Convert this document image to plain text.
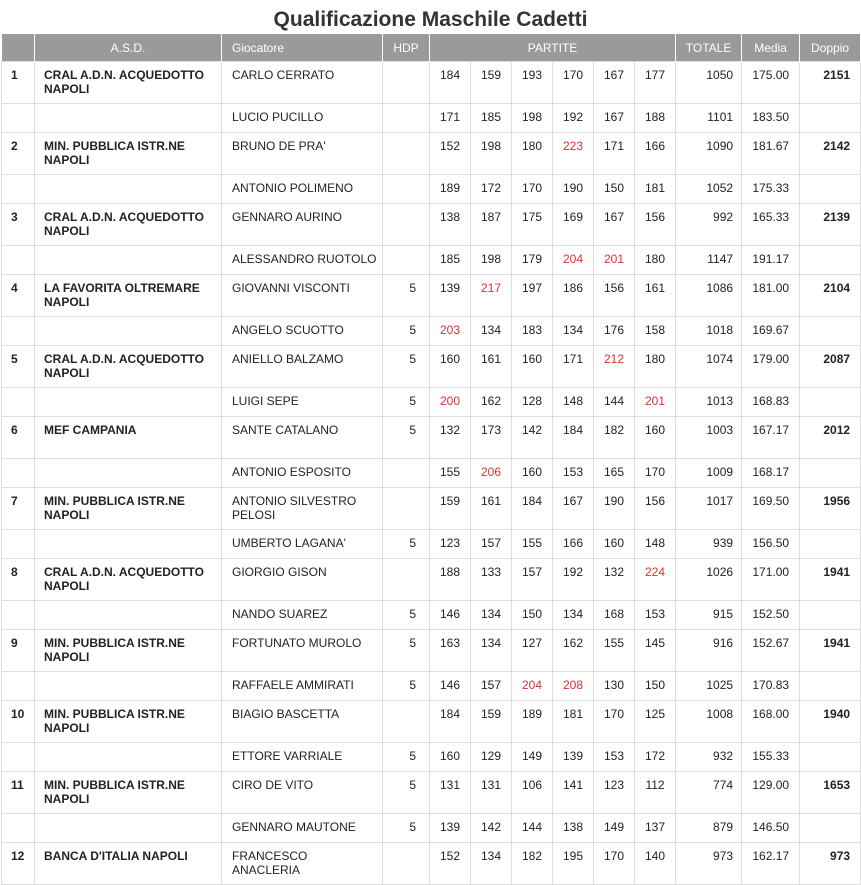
Qualificazione Maschile Cadetti
	A.S.D.	Giocatore	HDP	PARTITE						TOTALE	Media	Doppio
1	CRAL A.D.N. ACQUEDOTTO NAPOLI	CARLO CERRATO		184	159	193	170	167	177	1050	175.00	2151
		LUCIO PUCILLO		171	185	198	192	167	188	1101	183.50	
2	MIN. PUBBLICA ISTR.NE NAPOLI	BRUNO DE PRA'		152	198	180	223	171	166	1090	181.67	2142
		ANTONIO POLIMENO		189	172	170	190	150	181	1052	175.33	
3	CRAL A.D.N. ACQUEDOTTO NAPOLI	GENNARO AURINO		138	187	175	169	167	156	992	165.33	2139
		ALESSANDRO RUOTOLO		185	198	179	204	201	180	1147	191.17	
4	LA FAVORITA OLTREMARE NAPOLI	GIOVANNI VISCONTI	5	139	217	197	186	156	161	1086	181.00	2104
		ANGELO SCUOTTO	5	203	134	183	134	176	158	1018	169.67	
5	CRAL A.D.N. ACQUEDOTTO NAPOLI	ANIELLO BALZAMO	5	160	161	160	171	212	180	1074	179.00	2087
		LUIGI SEPE	5	200	162	128	148	144	201	1013	168.83	
6	MEF CAMPANIA	SANTE CATALANO	5	132	173	142	184	182	160	1003	167.17	2012
		ANTONIO ESPOSITO		155	206	160	153	165	170	1009	168.17	
7	MIN. PUBBLICA ISTR.NE NAPOLI	ANTONIO SILVESTRO PELOSI		159	161	184	167	190	156	1017	169.50	1956
		UMBERTO LAGANA'	5	123	157	155	166	160	148	939	156.50	
8	CRAL A.D.N. ACQUEDOTTO NAPOLI	GIORGIO GISON		188	133	157	192	132	224	1026	171.00	1941
		NANDO SUAREZ	5	146	134	150	134	168	153	915	152.50	
9	MIN. PUBBLICA ISTR.NE NAPOLI	FORTUNATO MUROLO	5	163	134	127	162	155	145	916	152.67	1941
		RAFFAELE AMMIRATI	5	146	157	204	208	130	150	1025	170.83	
10	MIN. PUBBLICA ISTR.NE NAPOLI	BIAGIO BASCETTA		184	159	189	181	170	125	1008	168.00	1940
		ETTORE VARRIALE	5	160	129	149	139	153	172	932	155.33	
11	MIN. PUBBLICA ISTR.NE NAPOLI	CIRO DE VITO	5	131	131	106	141	123	112	774	129.00	1653
		GENNARO MAUTONE	5	139	142	144	138	149	137	879	146.50	
12	BANCA D'ITALIA NAPOLI	FRANCESCO ANACLERIA		152	134	182	195	170	140	973	162.17	973
